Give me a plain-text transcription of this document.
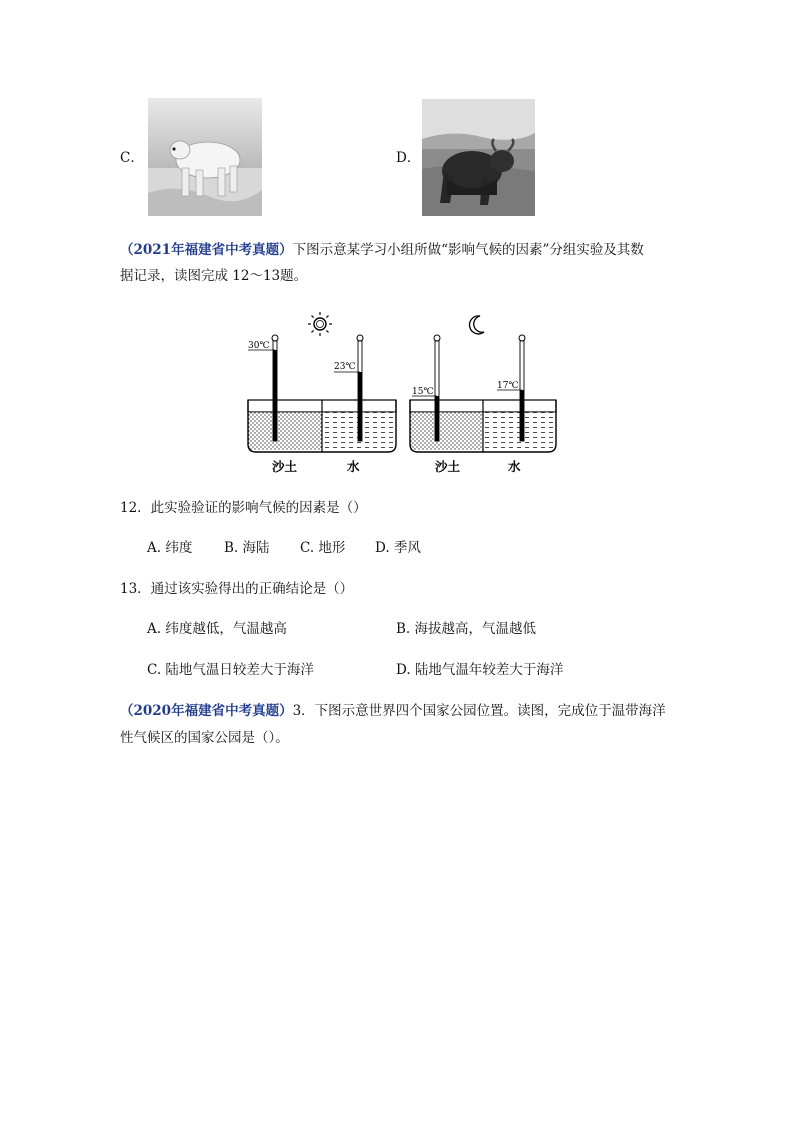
C．	D．
（2021年福建省中考真题）下图示意某学习小组所做“影响气候的因素”分组实验及其数
据记录，读图完成 12～13题。
30℃
23℃
15℃
17℃
沙土	水	沙土	水
12．此实验验证的影响气候的因素是（）
A. 纬度 B. 海陆 C. 地形 D. 季风
13．通过该实验得出的正确结论是（）
A. 纬度越低，气温越高	B. 海拔越高，气温越低
C. 陆地气温日较差大于海洋	D. 陆地气温年较差大于海洋
（2020年福建省中考真题）3．下图示意世界四个国家公园位置。读图，完成位于温带海洋
性气候区的国家公园是（）。
